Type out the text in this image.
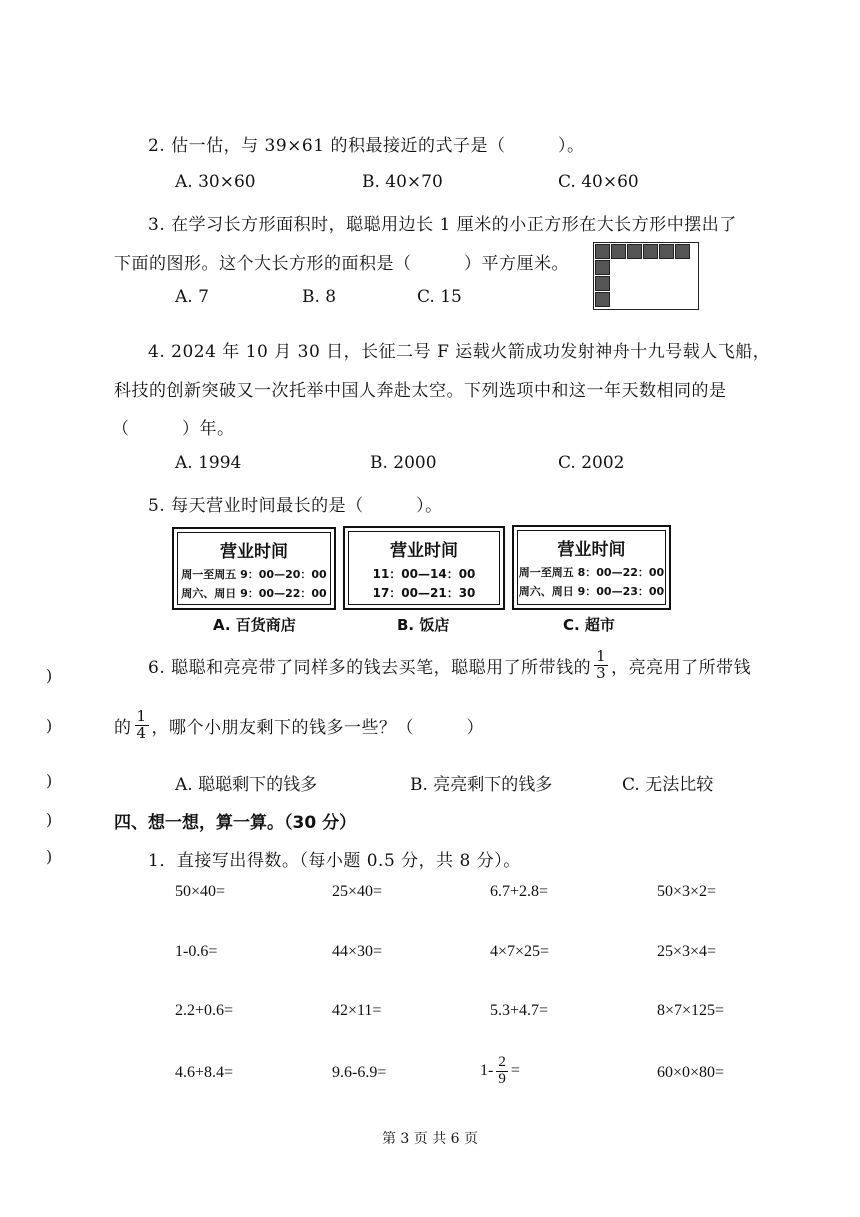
2. 估一估，与 39×61 的积最接近的式子是（　　　）。
A. 30×60	B. 40×70	C. 40×60
3. 在学习长方形面积时，聪聪用边长 1 厘米的小正方形在大长方形中摆出了
下面的图形。这个大长方形的面积是（　　　）平方厘米。
A. 7	B. 8	C. 15
4. 2024 年 10 月 30 日，长征二号 F 运载火箭成功发射神舟十九号载人飞船，
科技的创新突破又一次托举中国人奔赴太空。下列选项中和这一年天数相同的是
（　　　）年。
A. 1994	B. 2000	C. 2002
5. 每天营业时间最长的是（　　　）。
营业时间
周一至周五 9：00—20：00
周六、周日 9：00—22：00
A. 百货商店
营业时间
11：00—14：00
17：00—21：30
B. 饭店
营业时间
周一至周五 8：00—22：00
周六、周日 9：00—23：00
C. 超市
6. 聪聪和亮亮带了同样多的钱去买笔，聪聪用了所带钱的 $\frac{1}{3}$ ，亮亮用了所带钱
的 $\frac{1}{4}$ ，哪个小朋友剩下的钱多一些？（　　　）
A. 聪聪剩下的钱多	B. 亮亮剩下的钱多	C. 无法比较
四、想一想，算一算。（30 分）
1．直接写出得数。（每小题 0.5 分，共 8 分）。
50×40=	25×40=	6.7+2.8=	50×3×2=
1-0.6=	44×30=	4×7×25=	25×3×4=
2.2+0.6=	42×11=	5.3+4.7=	8×7×125=
4.6+8.4=	9.6-6.9=	$1- \frac{2}{9}$ =	60×0×80=
)
)
)
)
)
第 3 页 共 6 页
